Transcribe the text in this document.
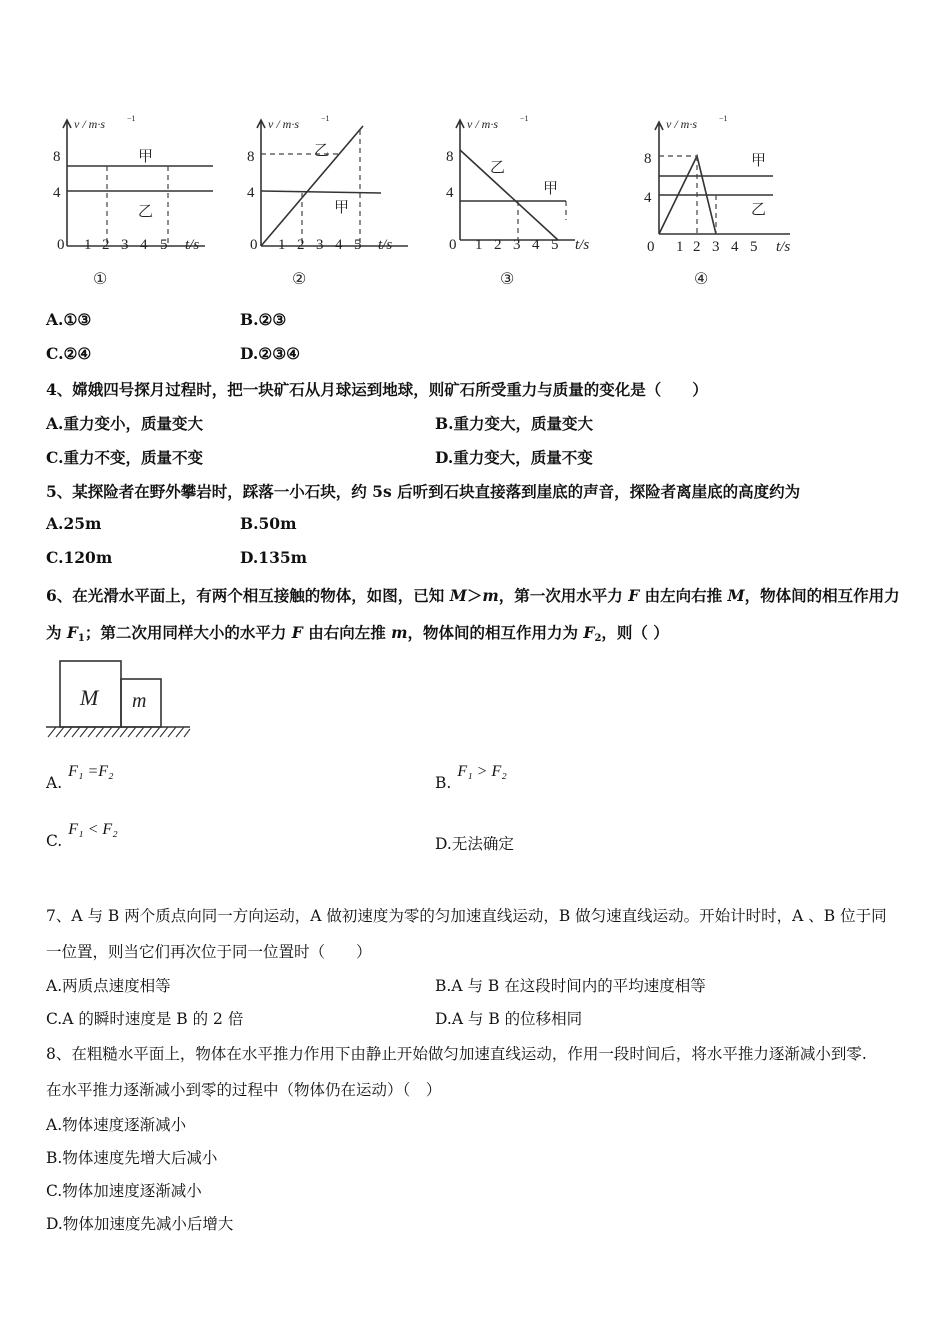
v / m·s	−1
8
4
甲
乙
0 1 2 3 4 5 t/s
①
v / m·s	−1
8
4
乙
甲
0 1 2 3 4 5 t/s
②
v / m·s	−1
8
4
乙
甲
0 1 2 3 4 5 t/s
③
v / m·s	−1
8
4
甲
乙
0 1 2 3 4 5 t/s
④
A.①③	B.②③
C.②④	D.②③④
4、嫦娥四号探月过程时，把一块矿石从月球运到地球，则矿石所受重力与质量的变化是（　　）
A.重力变小，质量变大	B.重力变大，质量变大
C.重力不变，质量不变	D.重力变大，质量不变
5、某探险者在野外攀岩时，踩落一小石块，约 5s 后听到石块直接落到崖底的声音，探险者离崖底的高度约为
A.25m	B.50m
C.120m	D.135m
6、在光滑水平面上，有两个相互接触的物体，如图，已知 M＞m，第一次用水平力 F 由左向右推 M，物体间的相互作用力
为 $F_1$；第二次用同样大小的水平力 F 由右向左推 m，物体间的相互作用力为 $F_2$，则（ ）
M m
A.F₁ =F₂
B.F₁ > F₂
C.F₁ < F₂
D.无法确定
7、A 与 B 两个质点向同一方向运动，A 做初速度为零的匀加速直线运动，B 做匀速直线运动。开始计时时，A 、B 位于同
一位置，则当它们再次位于同一位置时（　　）
A.两质点速度相等	B.A 与 B 在这段时间内的平均速度相等
C.A 的瞬时速度是 B 的 2 倍	D.A 与 B 的位移相同
8、在粗糙水平面上，物体在水平推力作用下由静止开始做匀加速直线运动，作用一段时间后，将水平推力逐渐减小到零.
在水平推力逐渐减小到零的过程中（物体仍在运动）（　）
A.物体速度逐渐减小
B.物体速度先增大后减小
C.物体加速度逐渐减小
D.物体加速度先减小后增大
